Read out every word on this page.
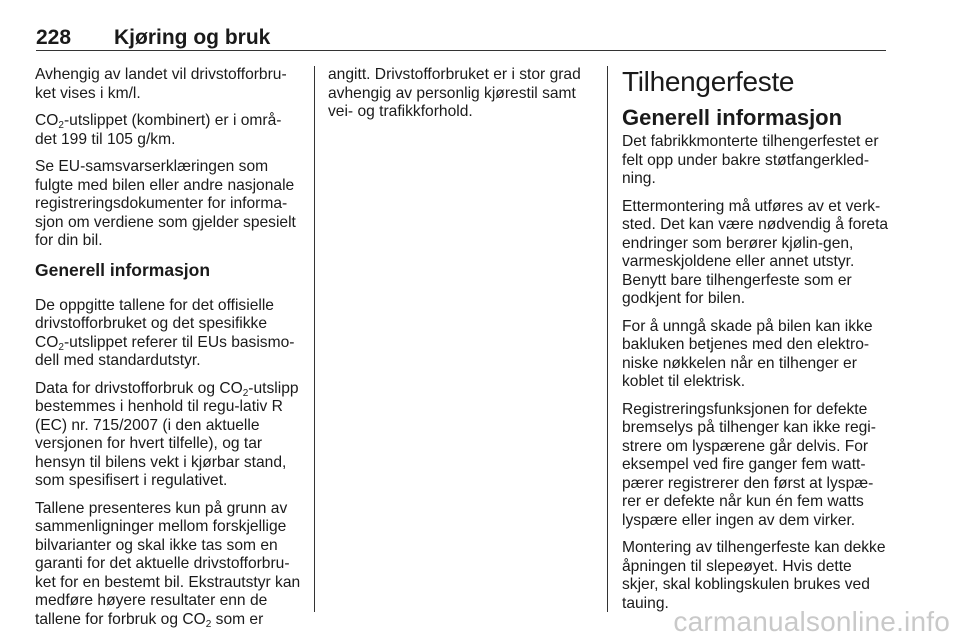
228	Kjøring og bruk

Avhengig av landet vil drivstofforbru-ket vises i km/l.

$CO_2$-utslippet (kombinert) er i områ-det 199 til 105 g/km.

Se EU-samsvarserklæringen som fulgte med bilen eller andre nasjonale registreringsdokumenter for informa-sjon om verdiene som gjelder spesielt for din bil.

Generell informasjon

De oppgitte tallene for det offisielle drivstofforbruket og det spesifikke $CO_2$-utslippet referer til EUs basismo-dell med standardutstyr.

Data for drivstofforbruk og $CO_2$-utslipp bestemmes i henhold til regu-lativ R (EC) nr. 715/2007 (i den aktuelle versjonen for hvert tilfelle), og tar hensyn til bilens vekt i kjørbar stand, som spesifisert i regulativet.

Tallene presenteres kun på grunn av sammenligninger mellom forskjellige bilvarianter og skal ikke tas som en garanti for det aktuelle drivstofforbru-ket for en bestemt bil. Ekstrautstyr kan medføre høyere resultater enn de tallene for forbruk og $CO_2$ som er

angitt. Drivstofforbruket er i stor grad avhengig av personlig kjørestil samt vei- og trafikkforhold.

Tilhengerfeste
Generell informasjon

Det fabrikkmonterte tilhengerfestet er felt opp under bakre støtfangerkled-ning.

Ettermontering må utføres av et verk-sted. Det kan være nødvendig å foreta endringer som berører kjølin-gen, varmeskjoldene eller annet utstyr. Benytt bare tilhengerfeste som er godkjent for bilen.

For å unngå skade på bilen kan ikke bakluken betjenes med den elektro-niske nøkkelen når en tilhenger er koblet til elektrisk.

Registreringsfunksjonen for defekte bremselys på tilhenger kan ikke regi-strere om lyspærene går delvis. For eksempel ved fire ganger fem watt-pærer registrerer den først at lyspæ-rer er defekte når kun én fem watts lyspære eller ingen av dem virker.

Montering av tilhengerfeste kan dekke åpningen til slepeøyet. Hvis dette skjer, skal koblingskulen brukes ved tauing.

carmanualsonline.info
